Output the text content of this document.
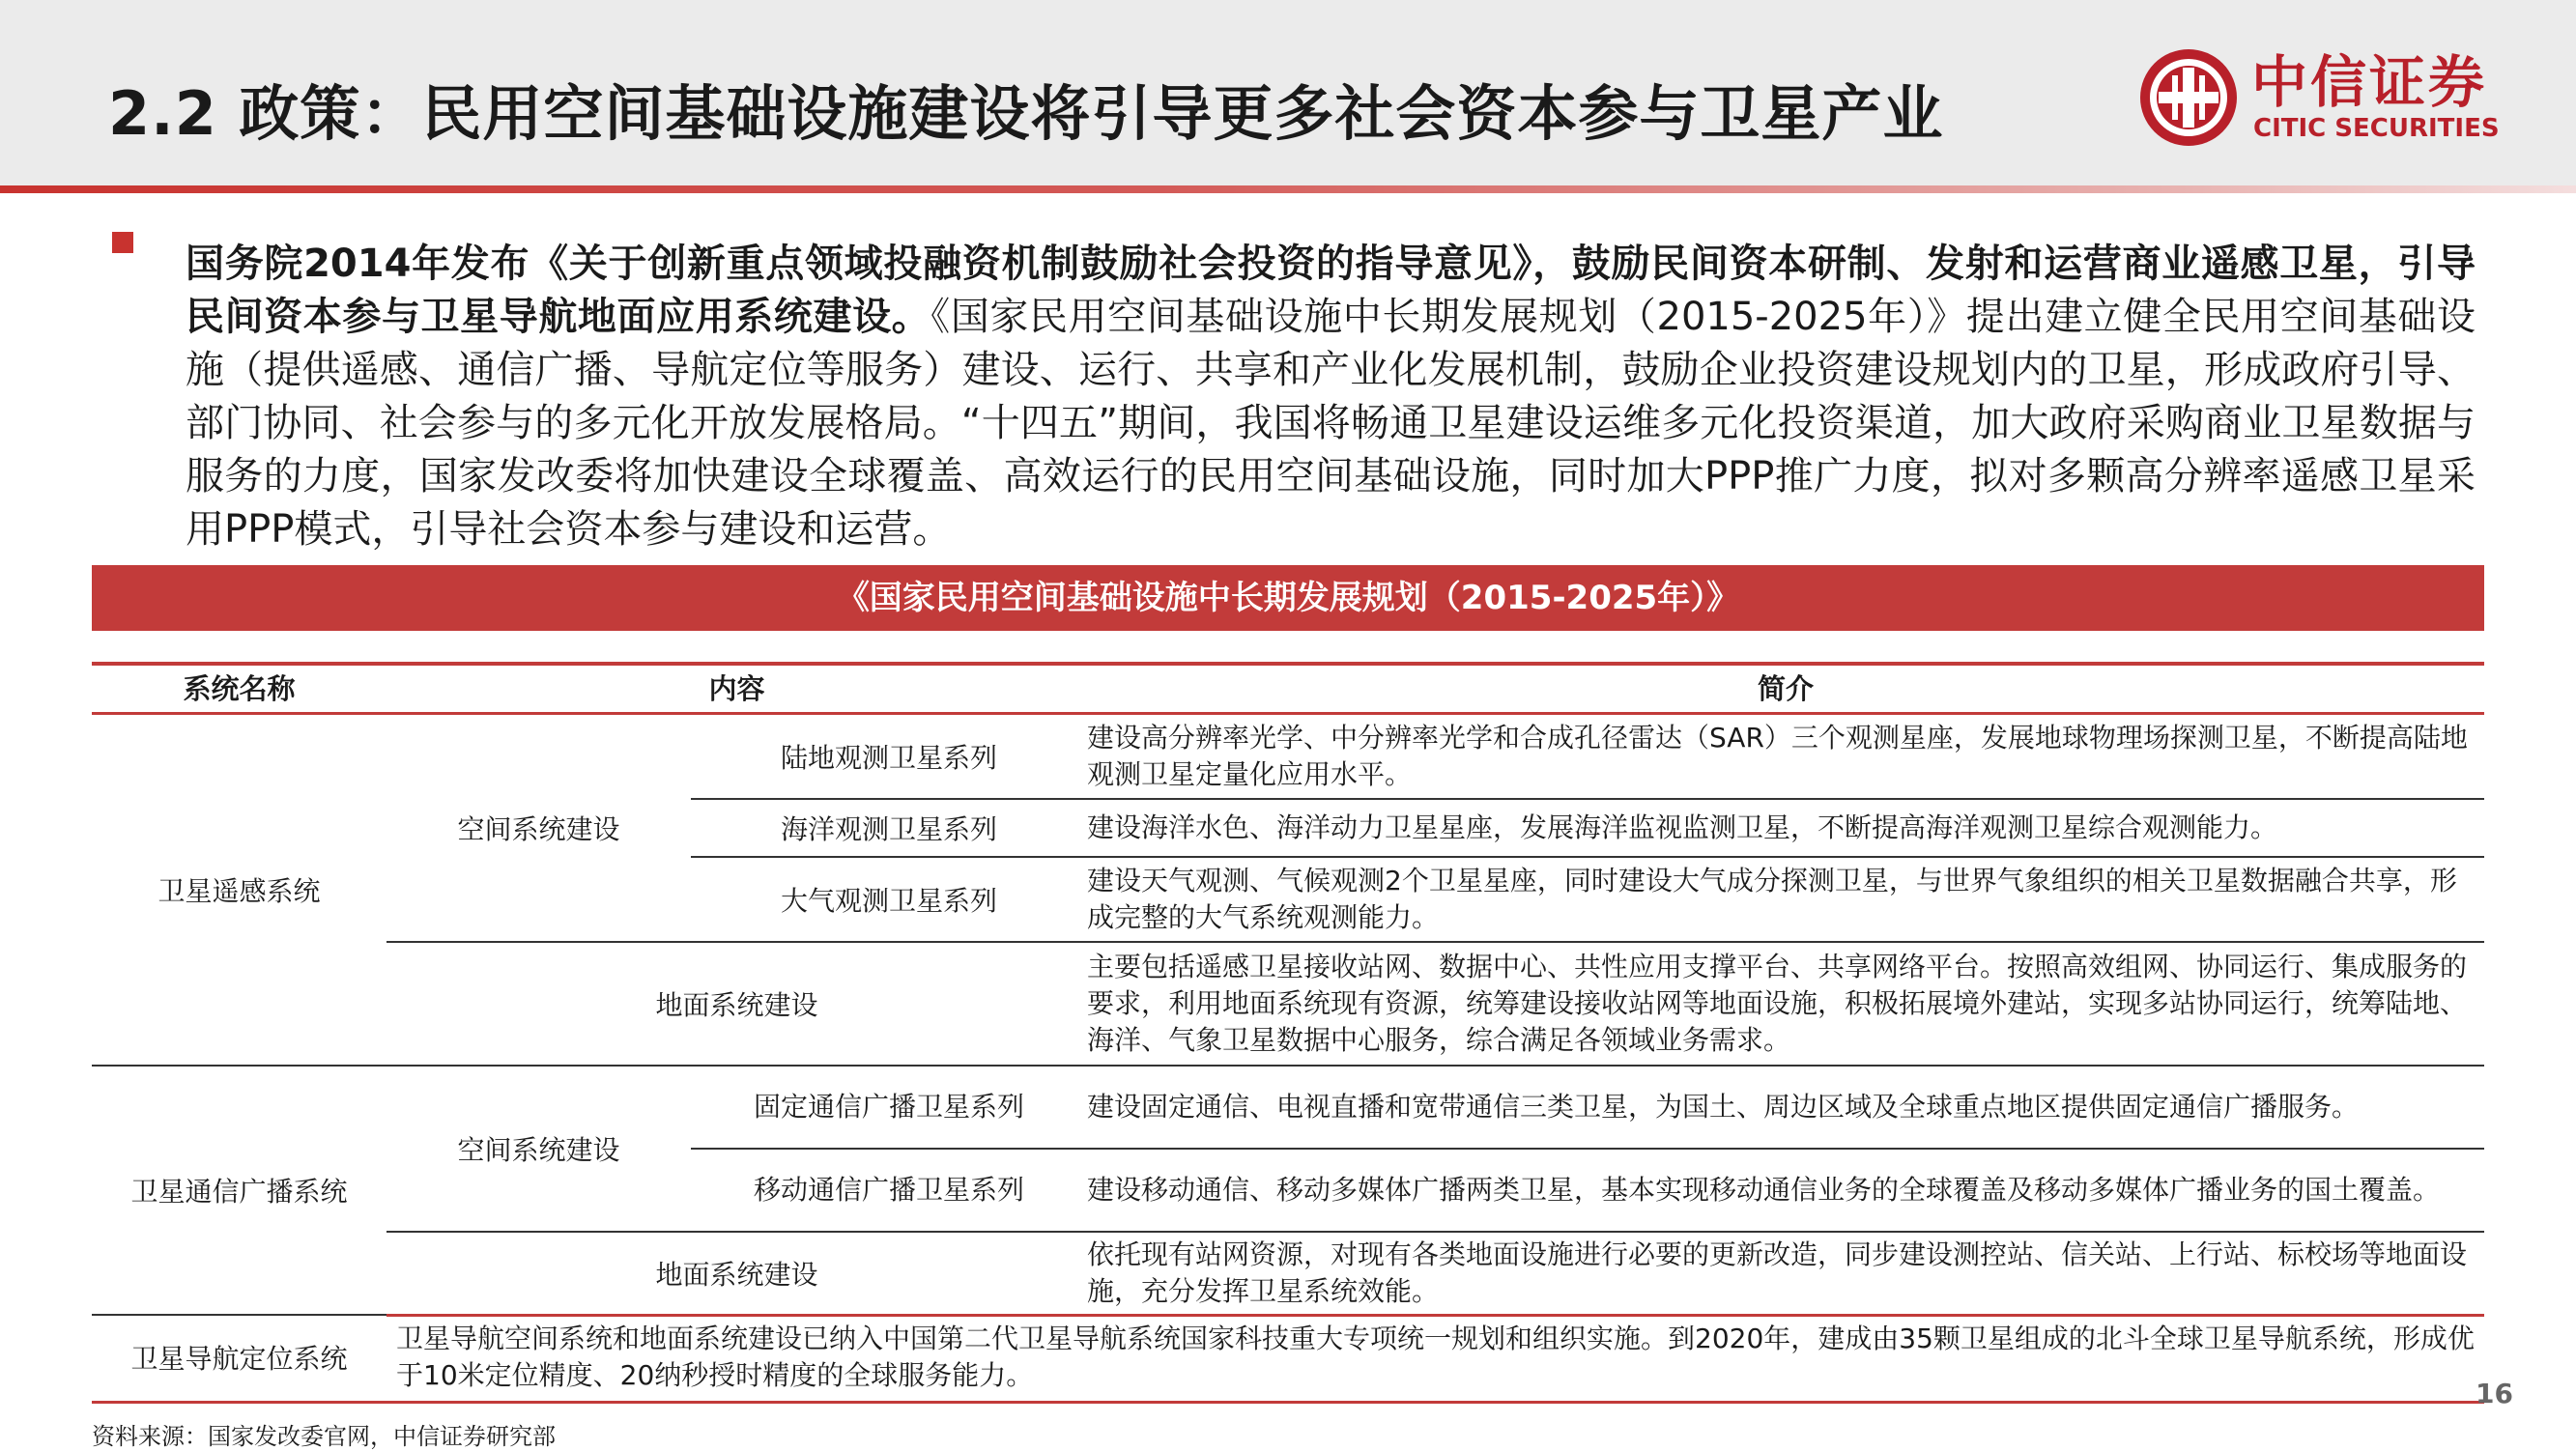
2.2 政策：民用空间基础设施建设将引导更多社会资本参与卫星产业	中信证券
CITIC SECURITIES
国务院2014年发布《关于创新重点领域投融资机制鼓励社会投资的指导意见》，鼓励民间资本研制、发射和运营商业遥感卫星，引导民间资本参与卫星导航地面应用系统建设。《国家民用空间基础设施中长期发展规划（2015-2025年）》提出建立健全民用空间基础设施（提供遥感、通信广播、导航定位等服务）建设、运行、共享和产业化发展机制，鼓励企业投资建设规划内的卫星，形成政府引导、部门协同、社会参与的多元化开放发展格局。“十四五”期间，我国将畅通卫星建设运维多元化投资渠道，加大政府采购商业卫星数据与服务的力度，国家发改委将加快建设全球覆盖、高效运行的民用空间基础设施，同时加大PPP推广力度，拟对多颗高分辨率遥感卫星采用PPP模式，引导社会资本参与建设和运营。
《国家民用空间基础设施中长期发展规划（2015-2025年）》
系统名称	内容		简介
卫星遥感系统	空间系统建设	陆地观测卫星系列	建设高分辨率光学、中分辨率光学和合成孔径雷达（SAR）三个观测星座，发展地球物理场探测卫星，不断提高陆地观测卫星定量化应用水平。
		海洋观测卫星系列	建设海洋水色、海洋动力卫星星座，发展海洋监视监测卫星，不断提高海洋观测卫星综合观测能力。
		大气观测卫星系列	建设天气观测、气候观测2个卫星星座，同时建设大气成分探测卫星，与世界气象组织的相关卫星数据融合共享，形成完整的大气系统观测能力。
	地面系统建设		主要包括遥感卫星接收站网、数据中心、共性应用支撑平台、共享网络平台。按照高效组网、协同运行、集成服务的要求，利用地面系统现有资源，统筹建设接收站网等地面设施，积极拓展境外建站，实现多站协同运行，统筹陆地、海洋、气象卫星数据中心服务，综合满足各领域业务需求。
卫星通信广播系统	空间系统建设	固定通信广播卫星系列	建设固定通信、电视直播和宽带通信三类卫星，为国土、周边区域及全球重点地区提供固定通信广播服务。
		移动通信广播卫星系列	建设移动通信、移动多媒体广播两类卫星，基本实现移动通信业务的全球覆盖及移动多媒体广播业务的国土覆盖。
	地面系统建设		依托现有站网资源，对现有各类地面设施进行必要的更新改造，同步建设测控站、信关站、上行站、标校场等地面设施，充分发挥卫星系统效能。
卫星导航定位系统	卫星导航空间系统和地面系统建设已纳入中国第二代卫星导航系统国家科技重大专项统一规划和组织实施。到2020年，建成由35颗卫星组成的北斗全球卫星导航系统，形成优于10米定位精度、20纳秒授时精度的全球服务能力。		
资料来源：国家发改委官网，中信证券研究部
16
